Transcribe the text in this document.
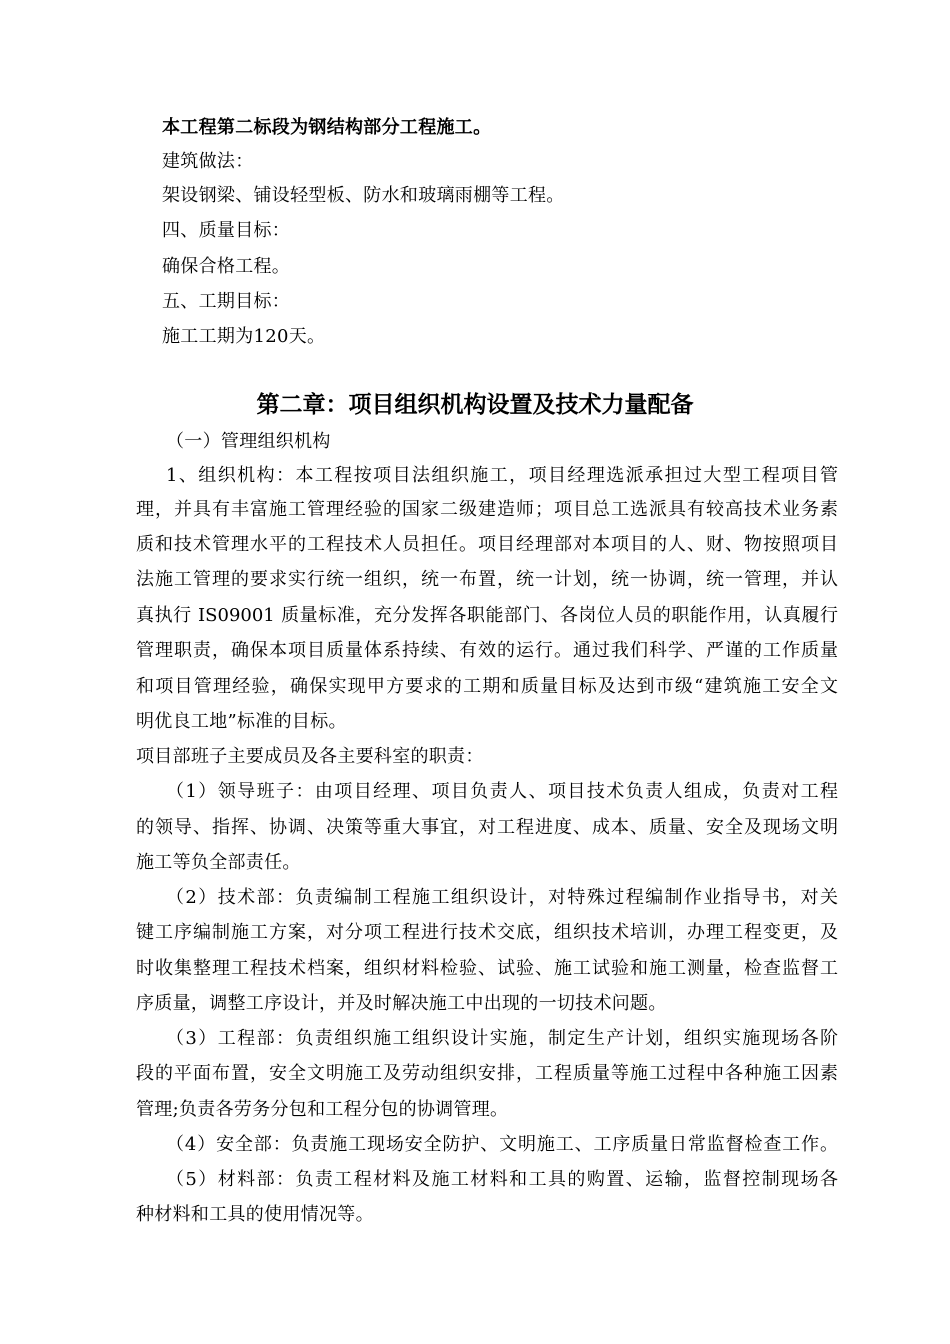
本工程第二标段为钢结构部分工程施工。
建筑做法：
架设钢梁、铺设轻型板、防水和玻璃雨棚等工程。
四、质量目标：
确保合格工程。
五、工期目标：
施工工期为120天。
第二章：项目组织机构设置及技术力量配备
（一）管理组织机构
1、组织机构：本工程按项目法组织施工，项目经理选派承担过大型工程项目管
理，并具有丰富施工管理经验的国家二级建造师；项目总工选派具有较高技术业务素
质和技术管理水平的工程技术人员担任。项目经理部对本项目的人、财、物按照项目
法施工管理的要求实行统一组织，统一布置，统一计划，统一协调，统一管理，并认
真执行 IS09001 质量标准，充分发挥各职能部门、各岗位人员的职能作用，认真履行
管理职责，确保本项目质量体系持续、有效的运行。通过我们科学、严谨的工作质量
和项目管理经验，确保实现甲方要求的工期和质量目标及达到市级“建筑施工安全文
明优良工地”标准的目标。
项目部班子主要成员及各主要科室的职责：
（1）领导班子：由项目经理、项目负责人、项目技术负责人组成，负责对工程
的领导、指挥、协调、决策等重大事宜，对工程进度、成本、质量、安全及现场文明
施工等负全部责任。
（2）技术部：负责编制工程施工组织设计，对特殊过程编制作业指导书，对关
键工序编制施工方案，对分项工程进行技术交底，组织技术培训，办理工程变更，及
时收集整理工程技术档案，组织材料检验、试验、施工试验和施工测量，检查监督工
序质量，调整工序设计，并及时解决施工中出现的一切技术问题。
（3）工程部：负责组织施工组织设计实施，制定生产计划，组织实施现场各阶
段的平面布置，安全文明施工及劳动组织安排，工程质量等施工过程中各种施工因素
管理;负责各劳务分包和工程分包的协调管理。
（4）安全部：负责施工现场安全防护、文明施工、工序质量日常监督检查工作。
（5）材料部：负责工程材料及施工材料和工具的购置、运输，监督控制现场各
种材料和工具的使用情况等。
